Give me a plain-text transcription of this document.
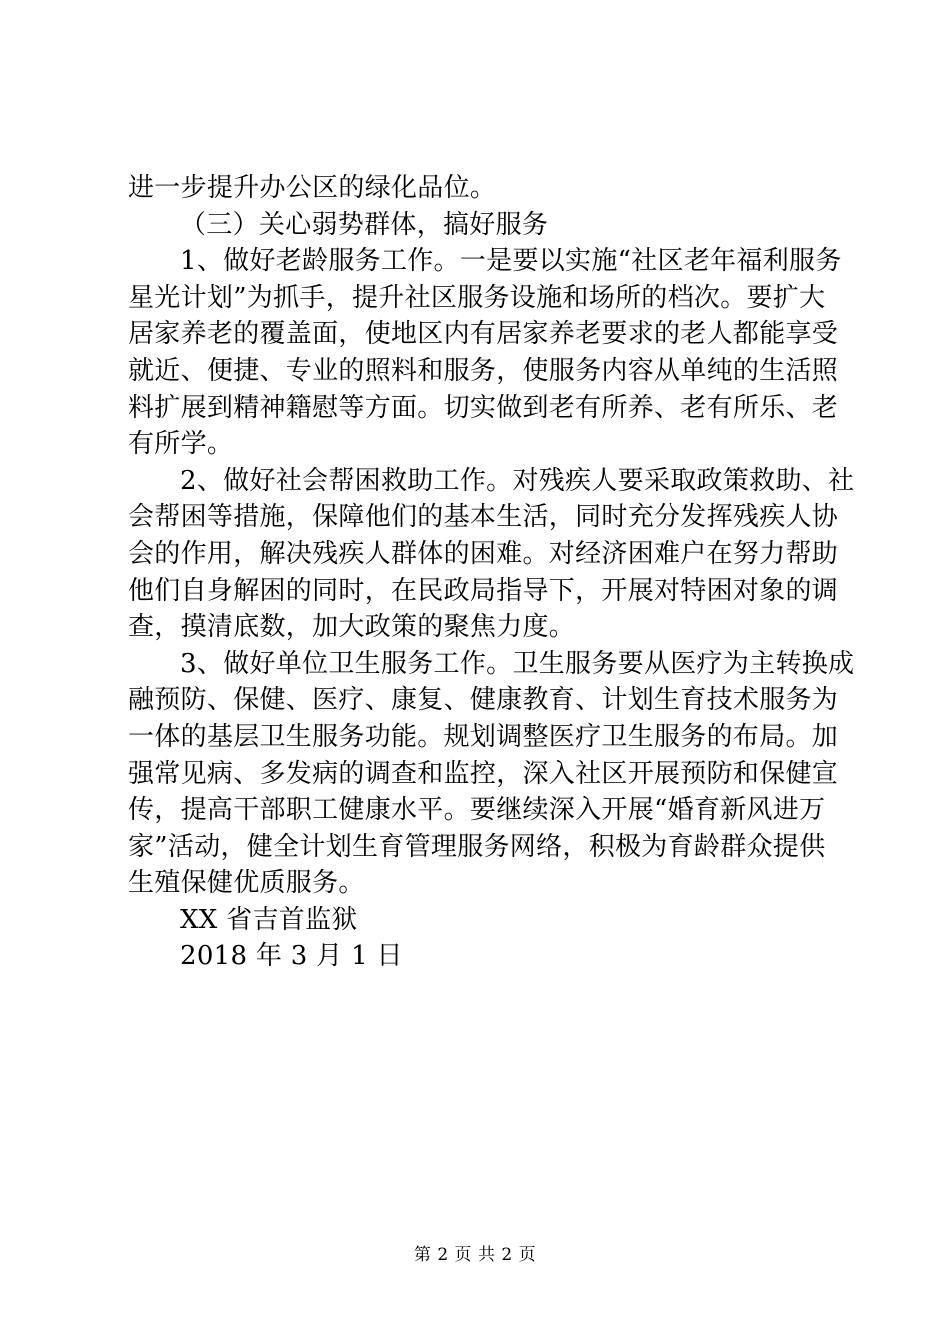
进一步提升办公区的绿化品位。
（三）关心弱势群体，搞好服务
1、做好老龄服务工作。一是要以实施“社区老年福利服务
星光计划”为抓手，提升社区服务设施和场所的档次。要扩大
居家养老的覆盖面，使地区内有居家养老要求的老人都能享受
就近、便捷、专业的照料和服务，使服务内容从单纯的生活照
料扩展到精神籍慰等方面。切实做到老有所养、老有所乐、老
有所学。
2、做好社会帮困救助工作。对残疾人要采取政策救助、社
会帮困等措施，保障他们的基本生活，同时充分发挥残疾人协
会的作用，解决残疾人群体的困难。对经济困难户在努力帮助
他们自身解困的同时，在民政局指导下，开展对特困对象的调
查，摸清底数，加大政策的聚焦力度。
3、做好单位卫生服务工作。卫生服务要从医疗为主转换成
融预防、保健、医疗、康复、健康教育、计划生育技术服务为
一体的基层卫生服务功能。规划调整医疗卫生服务的布局。加
强常见病、多发病的调查和监控，深入社区开展预防和保健宣
传，提高干部职工健康水平。要继续深入开展“婚育新风进万
家”活动，健全计划生育管理服务网络，积极为育龄群众提供
生殖保健优质服务。
XX 省吉首监狱
2018 年 3 月 1 日
第 2 页 共 2 页
